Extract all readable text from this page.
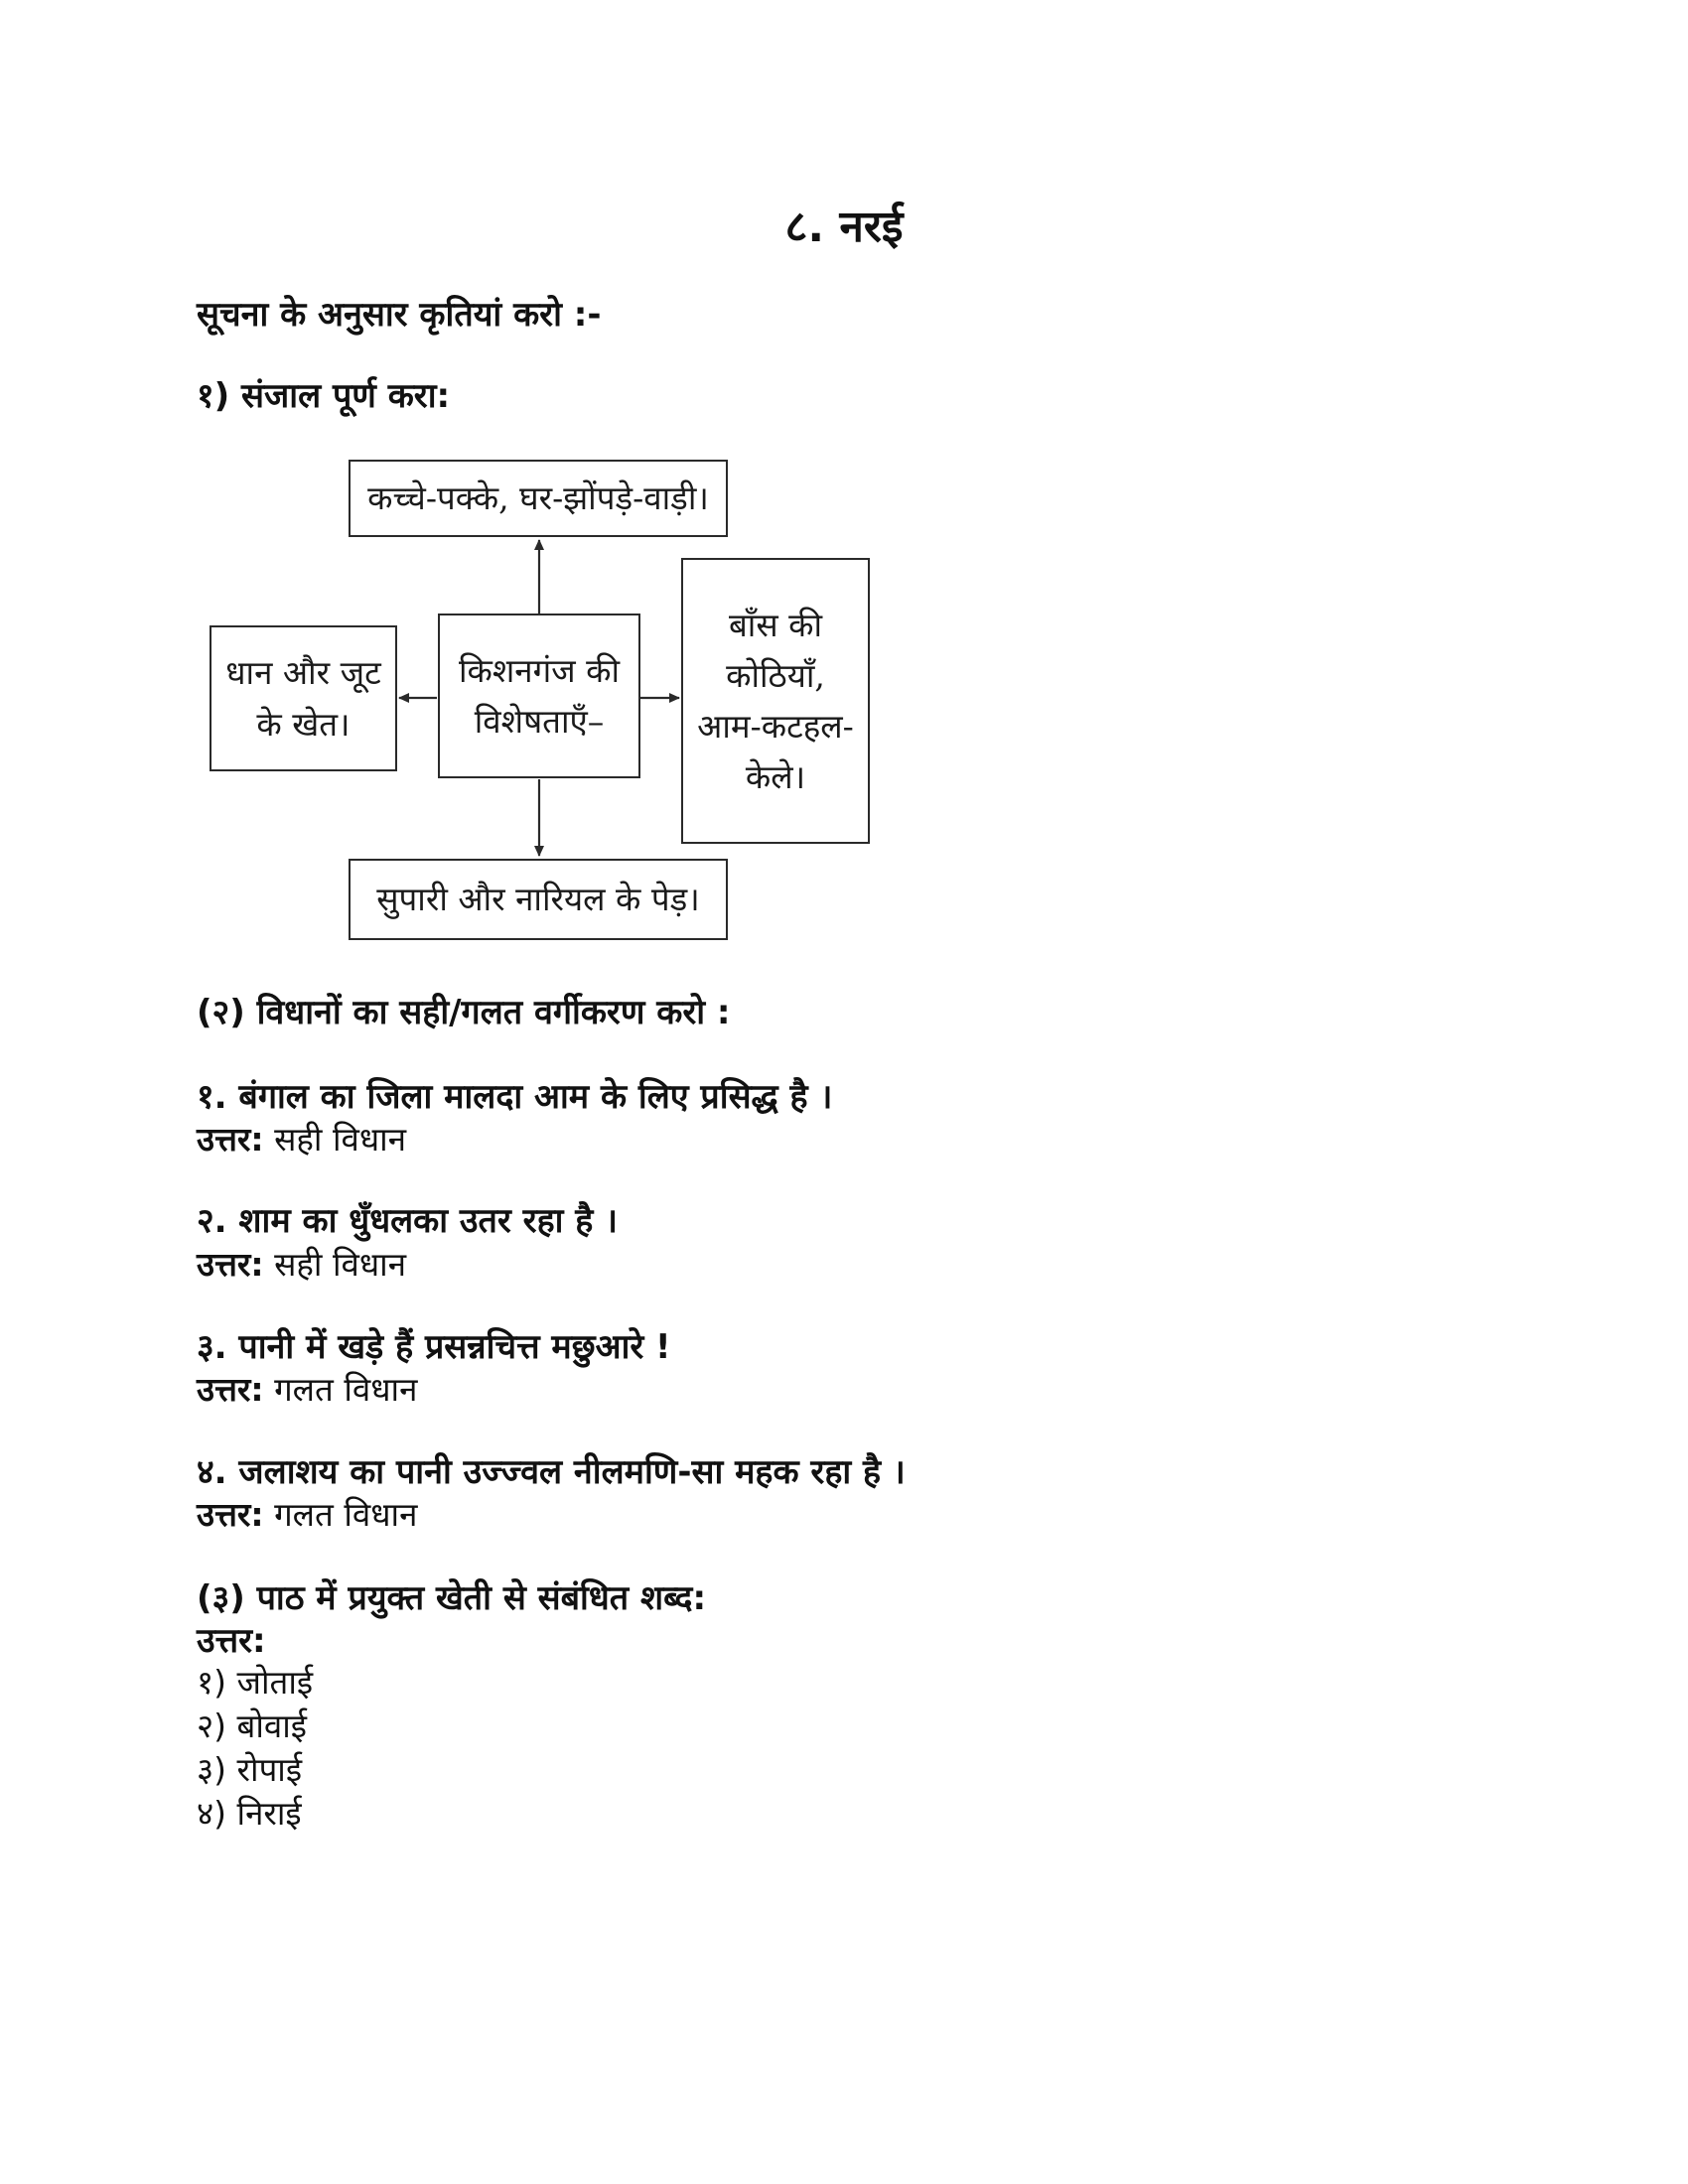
८. नरई
सूचना के अनुसार कृतियां करो :-
१) संजाल पूर्ण करा:
कच्चे-पक्के, घर-झोंपड़े-वाड़ी।
किशनगंज की विशेषताएँ–
धान और जूट के खेत।
बाँस की कोठियाँ, आम-कटहल-केले।
सुपारी और नारियल के पेड़।
(२) विधानों का सही/गलत वर्गीकरण करो :
१. बंगाल का जिला मालदा आम के लिए प्रसिद्ध है ।
उत्तर: सही विधान
२. शाम का धुँधलका उतर रहा है ।
उत्तर: सही विधान
३. पानी में खड़े हैं प्रसन्नचित्त मछुआरे !
उत्तर: गलत विधान
४. जलाशय का पानी उज्ज्वल नीलमणि-सा महक रहा है ।
उत्तर: गलत विधान
(३) पाठ में प्रयुक्त खेती से संबंधित शब्द:
उत्तर:
१) जोताई
२) बोवाई
३) रोपाई
४) निराई
